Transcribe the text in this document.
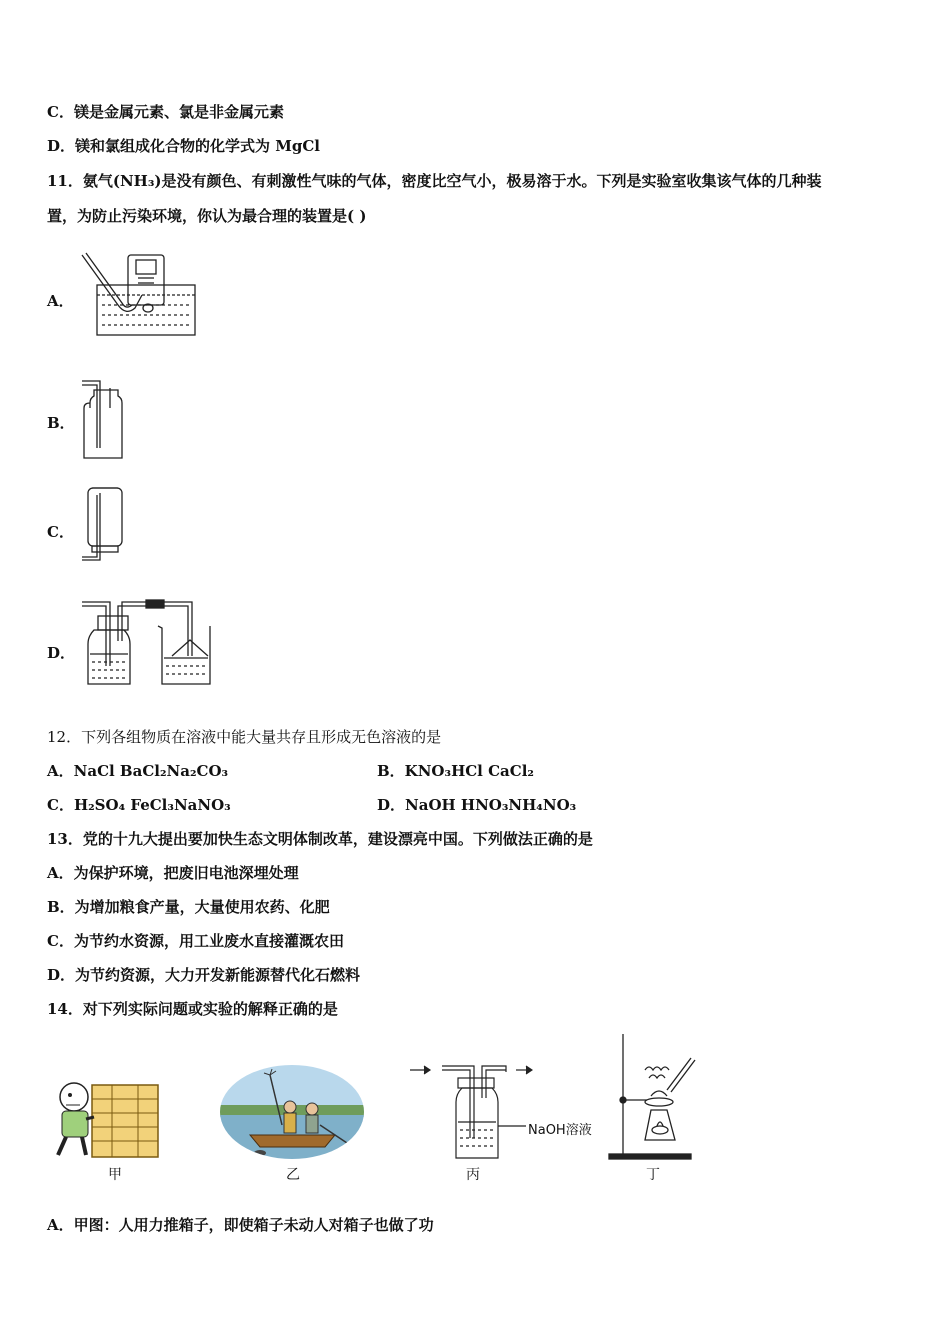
C．镁是金属元素、氯是非金属元素
D．镁和氯组成化合物的化学式为 MgCl
11．氨气(NH₃)是没有颜色、有刺激性气味的气体，密度比空气小，极易溶于水。下列是实验室收集该气体的几种装
置，为防止污染环境，你认为最合理的装置是( )
A．
B．
C．
D．
12．下列各组物质在溶液中能大量共存且形成无色溶液的是
A．NaCl BaCl₂Na₂CO₃	B．KNO₃HCl CaCl₂
C．H₂SO₄ FeCl₃NaNO₃	D．NaOH HNO₃NH₄NO₃
13．党的十九大提出要加快生态文明体制改革，建设漂亮中国。下列做法正确的是
A．为保护环境，把废旧电池深埋处理
B．为增加粮食产量，大量使用农药、化肥
C．为节约水资源，用工业废水直接灌溉农田
D．为节约资源，大力开发新能源替代化石燃料
14．对下列实际问题或实验的解释正确的是
甲	乙
NaOH溶液
丙	丁
A．甲图：人用力推箱子，即使箱子未动人对箱子也做了功
